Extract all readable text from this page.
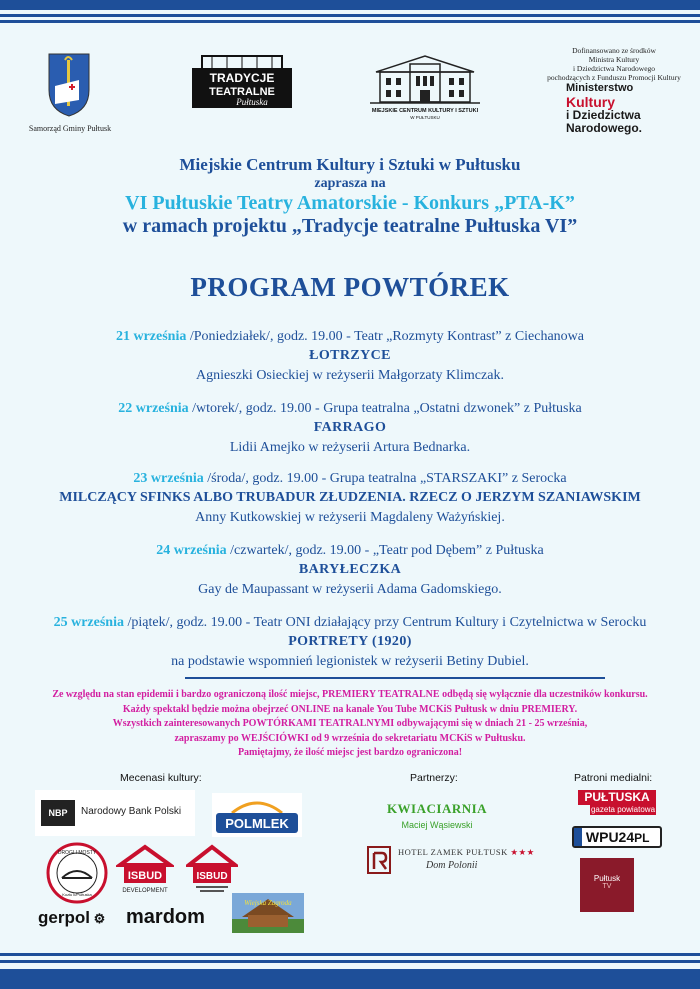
Samorząd Gminy Pułtusk
TRADYCJE
TEATRALNE
Pułtuska
MIEJSKIE CENTRUM KULTURY I SZTUKI
W PUŁTUSKU
Dofinansowano ze środków
Ministra Kultury
i Dziedzictwa Narodowego
pochodzących z Funduszu Promocji Kultury
Ministerstwo
Kultury
i Dziedzictwa
Narodowego.
Miejskie Centrum Kultury i Sztuki w Pułtusku
zaprasza na
VI Pułtuskie Teatry Amatorskie - Konkurs „PTA-K”
w ramach projektu „Tradycje teatralne Pułtuska VI”
PROGRAM POWTÓREK
21 września /Poniedziałek/, godz. 19.00 - Teatr „Rozmyty Kontrast” z Ciechanowa
ŁOTRZYCE
Agnieszki Osieckiej w reżyserii Małgorzaty Klimczak.
22 września /wtorek/, godz. 19.00 - Grupa teatralna „Ostatni dzwonek” z Pułtuska
FARRAGO
Lidii Amejko w reżyserii Artura Bednarka.
23 września /środa/, godz. 19.00 - Grupa teatralna „STARSZAKI” z Serocka
MILCZĄCY SFINKS ALBO TRUBADUR ZŁUDZENIA. RZECZ O JERZYM SZANIAWSKIM
Anny Kutkowskiej w reżyserii Magdaleny Ważyńskiej.
24 września /czwartek/, godz. 19.00 - „Teatr pod Dębem” z Pułtuska
BARYŁECZKA
Gay de Maupassant w reżyserii Adama Gadomskiego.
25 września /piątek/, godz. 19.00 - Teatr ONI działający przy Centrum Kultury i Czytelnictwa w Serocku
PORTRETY (1920)
na podstawie wspomnień legionistek w reżyserii Betiny Dubiel.
Ze względu na stan epidemii i bardzo ograniczoną ilość miejsc, PREMIERY TEATRALNE odbędą się wyłącznie dla uczestników konkursu.
Każdy spektakl będzie można obejrzeć ONLINE na kanale You Tube MCKiS Pułtusk w dniu PREMIERY.
Wszystkich zainteresowanych POWTÓRKAMI TEATRALNYMI odbywającymi się w dniach 21 - 25 września,
zapraszamy po WEJŚCIÓWKI od 9 września do sekretariatu MCKiS w Pułtusku.
Pamiętajmy, że ilość miejsc jest bardzo ograniczona!
Mecenasi kultury:	Partnerzy:	Patroni medialni:
NBP	Narodowy Bank Polski
POLMLEK
DROGI I MOSTY
Kozłu k/Pułtuska
ISBUD
DEVELOPMENT
ISBUD
gerpol ⚙ mardom
Wiejska Zagroda
KWIACIARNIA
Maciej Wąsiewski
HOTEL ZAMEK PUŁTUSK ★★★
Dom Polonii
PUŁTUSKA
gazeta powiatowa
WPU24PL
Pułtusk
TV
